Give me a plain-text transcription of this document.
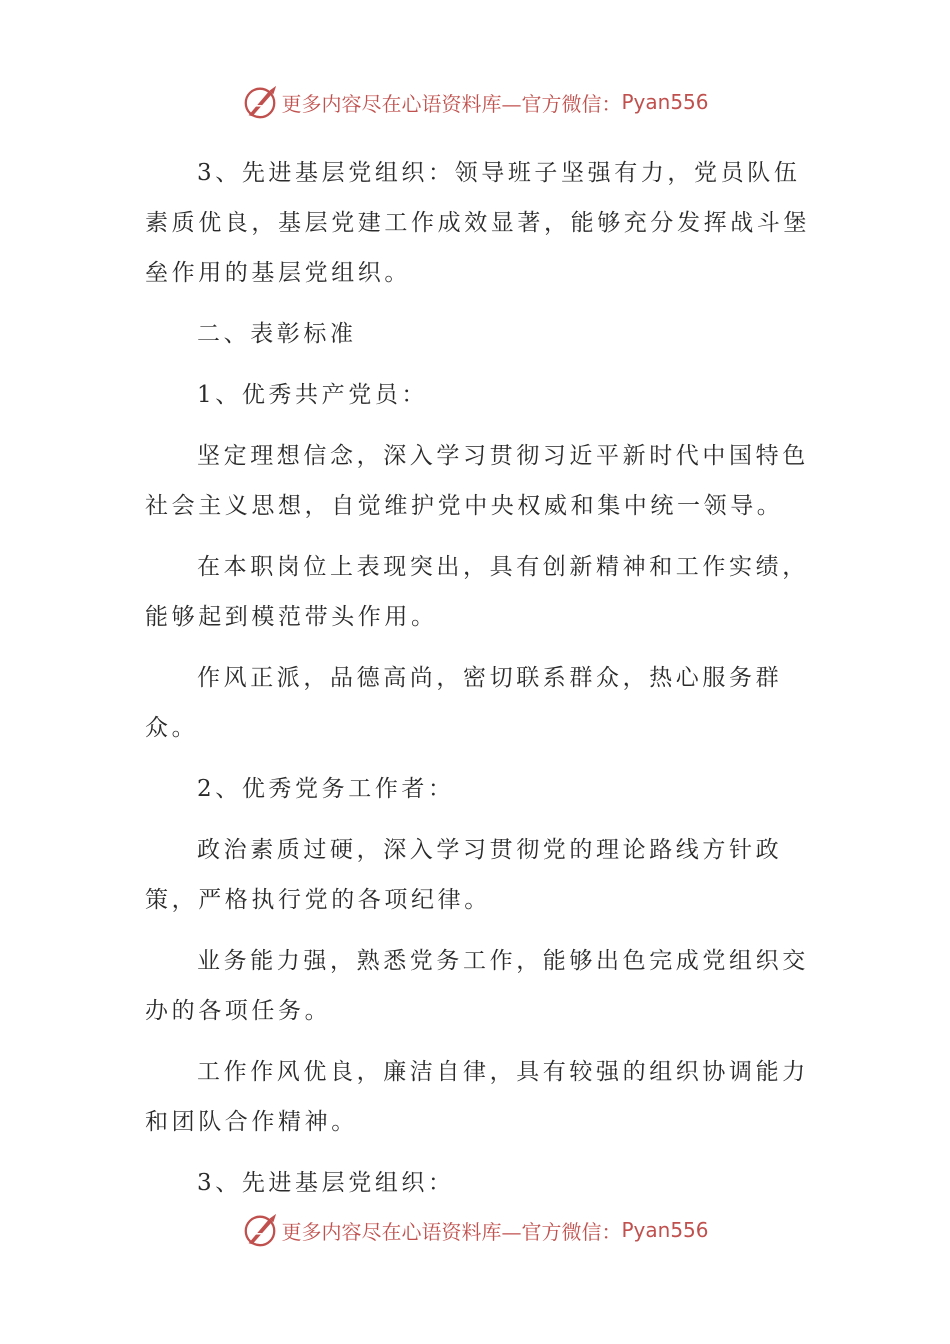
更多内容尽在心语资料库—官方微信： Pyan556

3、先进基层党组织：领导班子坚强有力，党员队伍素质优良，基层党建工作成效显著，能够充分发挥战斗堡垒作用的基层党组织。

二、表彰标准

1、优秀共产党员：

坚定理想信念，深入学习贯彻习近平新时代中国特色社会主义思想，自觉维护党中央权威和集中统一领导。

在本职岗位上表现突出，具有创新精神和工作实绩，能够起到模范带头作用。

作风正派，品德高尚，密切联系群众，热心服务群众。

2、优秀党务工作者：

政治素质过硬，深入学习贯彻党的理论路线方针政策，严格执行党的各项纪律。

业务能力强，熟悉党务工作，能够出色完成党组织交办的各项任务。

工作作风优良，廉洁自律，具有较强的组织协调能力和团队合作精神。

3、先进基层党组织：

更多内容尽在心语资料库—官方微信： Pyan556
